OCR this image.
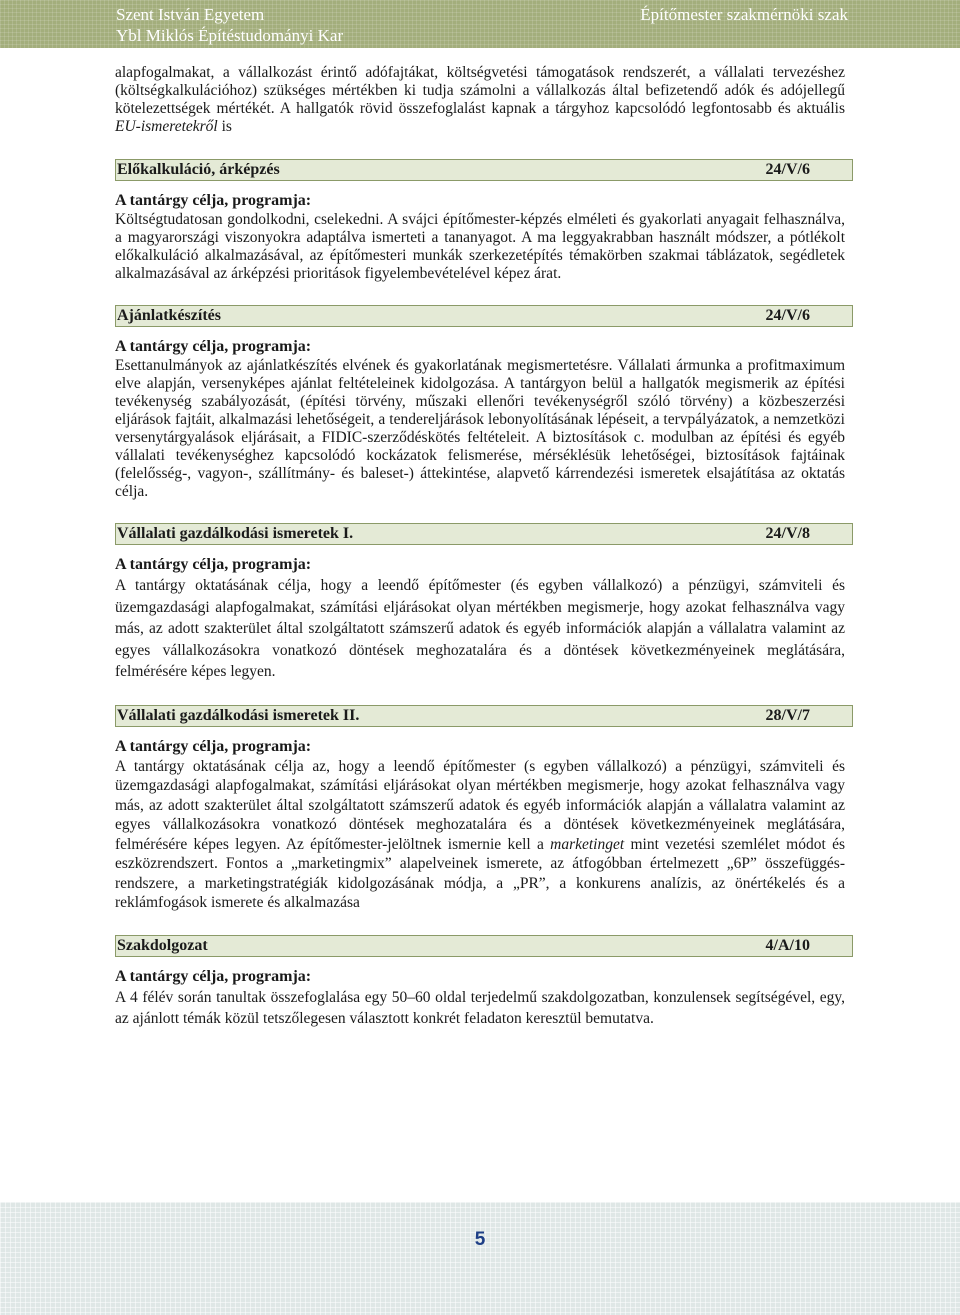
Szent István Egyetem
Ybl Miklós Építéstudományi Kar
Építőmester szakmérnöki szak

alapfogalmakat, a vállalkozást érintő adófajtákat, költségvetési támogatások rendszerét, a vállalati tervezéshez (költségkalkulációhoz) szükséges mértékben ki tudja számolni a vállalkozás által befizetendő adók és adójellegű kötelezettségek mértékét. A hallgatók rövid összefoglalást kapnak a tárgyhoz kapcsolódó legfontosabb és aktuális EU-ismeretekről is

Előkalkuláció, árképzés	24/V/6

A tantárgy célja, programja:

Költségtudatosan gondolkodni, cselekedni. A svájci építőmester-képzés elméleti és gyakorlati anyagait felhasználva, a magyarországi viszonyokra adaptálva ismerteti a tananyagot. A ma leggyakrabban használt módszer, a pótlékolt előkalkuláció alkalmazásával, az építőmesteri munkák szerkezetépítés témakörben szakmai táblázatok, segédletek alkalmazásával az árképzési prioritások figyelembevételével képez árat.

Ajánlatkészítés	24/V/6

A tantárgy célja, programja:

Esettanulmányok az ajánlatkészítés elvének és gyakorlatának megismertetésre. Vállalati ármunka a profitmaximum elve alapján, versenyképes ajánlat feltételeinek kidolgozása. A tantárgyon belül a hallgatók megismerik az építési tevékenység szabályozását, (építési törvény, műszaki ellenőri tevékenységről szóló törvény) a közbeszerzési eljárások fajtáit, alkalmazási lehetőségeit, a tendereljárások lebonyolításának lépéseit, a tervpályázatok, a nemzetközi versenytárgyalások eljárásait, a FIDIC-szerződéskötés feltételeit. A biztosítások c. modulban az építési és egyéb vállalati tevékenységhez kapcsolódó kockázatok felismerése, mérséklésük lehetőségei, biztosítások fajtáinak (felelősség-, vagyon-, szállítmány- és baleset-) áttekintése, alapvető kárrendezési ismeretek elsajátítása az oktatás célja.

Vállalati gazdálkodási ismeretek I.	24/V/8

A tantárgy célja, programja:

A tantárgy oktatásának célja, hogy a leendő építőmester (és egyben vállalkozó) a pénzügyi, számviteli és üzemgazdasági alapfogalmakat, számítási eljárásokat olyan mértékben megismerje, hogy azokat felhasználva vagy más, az adott szakterület által szolgáltatott számszerű adatok és egyéb információk alapján a vállalatra valamint az egyes vállalkozásokra vonatkozó döntések meghozatalára és a döntések következményeinek meglátására, felmérésére képes legyen.

Vállalati gazdálkodási ismeretek II.	28/V/7

A tantárgy célja, programja:

A tantárgy oktatásának célja az, hogy a leendő építőmester (s egyben vállalkozó) a pénzügyi, számviteli és üzemgazdasági alapfogalmakat, számítási eljárásokat olyan mértékben megismerje, hogy azokat felhasználva vagy más, az adott szakterület által szolgáltatott számszerű adatok és egyéb információk alapján a vállalatra valamint az egyes vállalkozásokra vonatkozó döntések meghozatalára és a döntések következményeinek meglátására, felmérésére képes legyen. Az építőmester-jelöltnek ismernie kell a marketinget mint vezetési szemlélet módot és eszközrendszert. Fontos a „marketingmix” alapelveinek ismerete, az átfogóbban értelmezett „6P” összefüggés-rendszere, a marketingstratégiák kidolgozásának módja, a „PR”, a konkurens analízis, az önértékelés és a reklámfogások ismerete és alkalmazása

Szakdolgozat	4/A/10

A tantárgy célja, programja:

A 4 félév során tanultak összefoglalása egy 50–60 oldal terjedelmű szakdolgozatban, konzulensek segítségével, egy, az ajánlott témák közül tetszőlegesen választott konkrét feladaton keresztül bemutatva.

5
